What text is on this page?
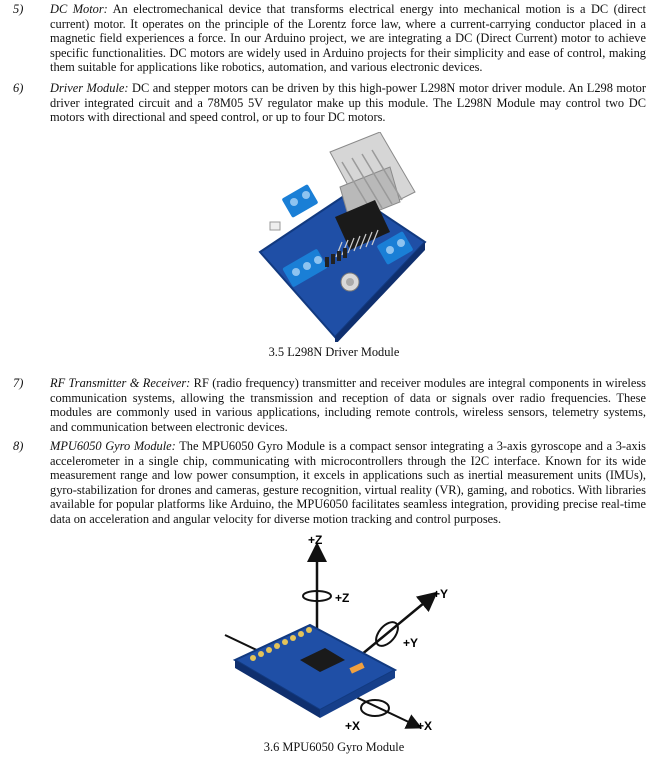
5)	DC Motor: An electromechanical device that transforms electrical energy into mechanical motion is a DC (direct current) motor. It operates on the principle of the Lorentz force law, where a current-carrying conductor placed in a magnetic field experiences a force. In our Arduino project, we are integrating a DC (Direct Current) motor to achieve specific functionalities. DC motors are widely used in Arduino projects for their simplicity and ease of control, making them suitable for applications like robotics, automation, and various electronic devices.
6)	Driver Module: DC and stepper motors can be driven by this high-power L298N motor driver module. An L298 motor driver integrated circuit and a 78M05 5V regulator make up this module. The L298N Module may control two DC motors with directional and speed control, or up to four DC motors.
3.5 L298N Driver Module
7)	RF Transmitter & Receiver: RF (radio frequency) transmitter and receiver modules are integral components in wireless communication systems, allowing the transmission and reception of data or signals over radio frequencies. These modules are commonly used in various applications, including remote controls, wireless sensors, telemetry systems, and communication between electronic devices.
8)	MPU6050 Gyro Module: The MPU6050 Gyro Module is a compact sensor integrating a 3-axis gyroscope and a 3-axis accelerometer in a single chip, communicating with microcontrollers through the I2C interface. Known for its wide measurement range and low power consumption, it excels in applications such as inertial measurement units (IMUs), gyro-stabilization for drones and cameras, gesture recognition, virtual reality (VR), gaming, and robotics. With libraries available for popular platforms like Arduino, the MPU6050 facilitates seamless integration, providing precise real-time data on acceleration and angular velocity for diverse motion tracking and control purposes.
+Z
+Z	+Y
+Y
+X
+X
3.6 MPU6050 Gyro Module
